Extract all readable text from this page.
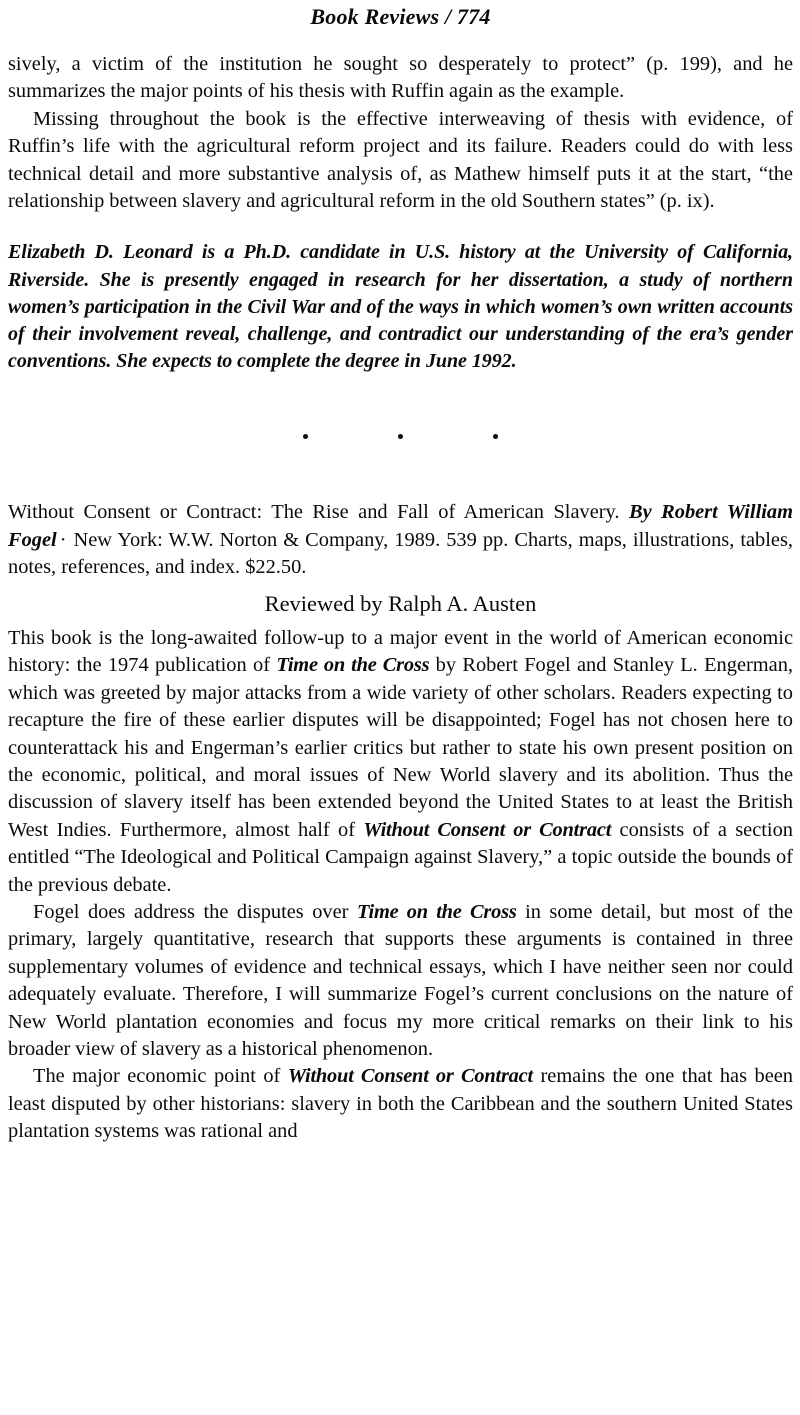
Book Reviews / 774

sively, a victim of the institution he sought so desperately to protect” (p. 199), and he summarizes the major points of his thesis with Ruffin again as the example.

Missing throughout the book is the effective interweaving of thesis with evidence, of Ruffin’s life with the agricultural reform project and its failure. Readers could do with less technical detail and more substantive analysis of, as Mathew himself puts it at the start, “the relationship between slavery and agricultural reform in the old Southern states” (p. ix).

Elizabeth D. Leonard is a Ph.D. candidate in U.S. history at the University of California, Riverside. She is presently engaged in research for her dissertation, a study of northern women’s participation in the Civil War and of the ways in which women’s own written accounts of their involvement reveal, challenge, and contradict our understanding of the era’s gender conventions. She expects to complete the degree in June 1992.

Without Consent or Contract: The Rise and Fall of American Slavery. By Robert William Fogel · New York: W.W. Norton & Company, 1989. 539 pp. Charts, maps, illustrations, tables, notes, references, and index. $22.50.

Reviewed by Ralph A. Austen

This book is the long-awaited follow-up to a major event in the world of American economic history: the 1974 publication of Time on the Cross by Robert Fogel and Stanley L. Engerman, which was greeted by major attacks from a wide variety of other scholars. Readers expecting to recapture the fire of these earlier disputes will be disappointed; Fogel has not chosen here to counterattack his and Engerman’s earlier critics but rather to state his own present position on the economic, political, and moral issues of New World slavery and its abolition. Thus the discussion of slavery itself has been extended beyond the United States to at least the British West Indies. Furthermore, almost half of Without Consent or Contract consists of a section entitled “The Ideological and Political Campaign against Slavery,” a topic outside the bounds of the previous debate.

Fogel does address the disputes over Time on the Cross in some detail, but most of the primary, largely quantitative, research that supports these arguments is contained in three supplementary volumes of evidence and technical essays, which I have neither seen nor could adequately evaluate. Therefore, I will summarize Fogel’s current conclusions on the nature of New World plantation economies and focus my more critical remarks on their link to his broader view of slavery as a historical phenomenon.

The major economic point of Without Consent or Contract remains the one that has been least disputed by other historians: slavery in both the Caribbean and the southern United States plantation systems was rational and
